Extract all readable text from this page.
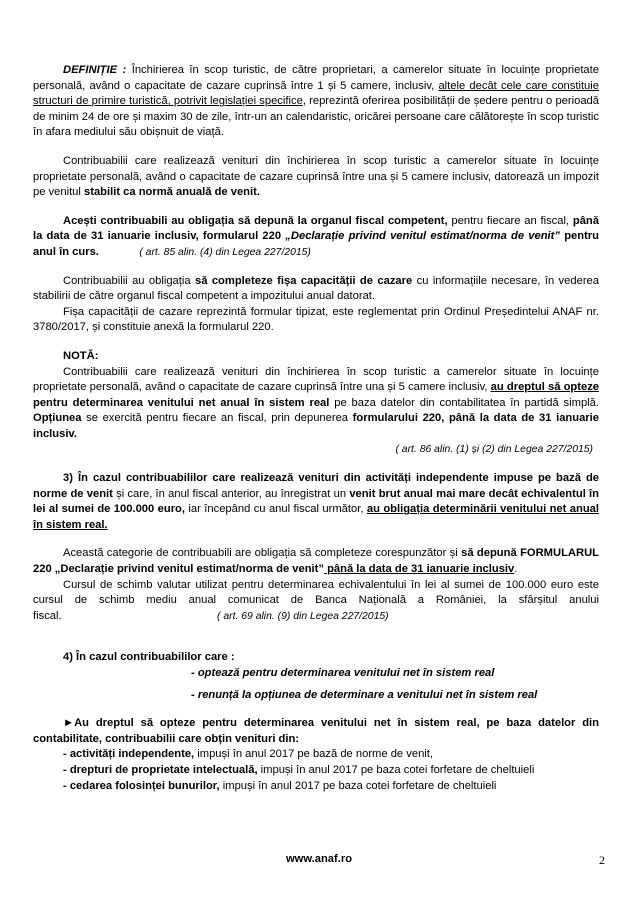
DEFINIȚIE : Închirierea în scop turistic, de către proprietari, a camerelor situate în locuințe proprietate personală, având o capacitate de cazare cuprinsă între 1 și 5 camere, inclusiv, altele decât cele care constituie structuri de primire turistică, potrivit legislației specifice, reprezintă oferirea posibilității de ședere pentru o perioadă de minim 24 de ore și maxim 30 de zile, într-un an calendaristic, oricărei persoane care călătorește în scop turistic în afara mediului său obișnuit de viață.

Contribuabilii care realizează venituri din închirierea în scop turistic a camerelor situate în locuințe proprietate personală, având o capacitate de cazare cuprinsă între una și 5 camere inclusiv, datorează un impozit pe venitul stabilit ca normă anuală de venit.

Acești contribuabili au obligația să depună la organul fiscal competent, pentru fiecare an fiscal, până la data de 31 ianuarie inclusiv, formularul 220 „Declarație privind venitul estimat/norma de venit” pentru anul în curs.	( art. 85 alin. (4) din Legea 227/2015)

Contribuabilii au obligația să completeze fișa capacității de cazare cu informațiile necesare, în vederea stabilirii de către organul fiscal competent a impozitului anual datorat.

Fișa capacității de cazare reprezintă formular tipizat, este reglementat prin Ordinul Președintelui ANAF nr. 3780/2017, și constituie anexă la formularul 220.

NOTĂ:

Contribuabilii care realizează venituri din închirierea în scop turistic a camerelor situate în locuințe proprietate personală, având o capacitate de cazare cuprinsă între una și 5 camere inclusiv, au dreptul să opteze pentru determinarea venitului net anual în sistem real pe baza datelor din contabilitatea în partidă simplă. Opțiunea se exercită pentru fiecare an fiscal, prin depunerea formularului 220, până la data de 31 ianuarie inclusiv.

( art. 86 alin. (1) și (2) din Legea 227/2015)

3) În cazul contribuabililor care realizează venituri din activități independente impuse pe bază de norme de venit și care, în anul fiscal anterior, au înregistrat un venit brut anual mai mare decât echivalentul în lei al sumei de 100.000 euro, iar începând cu anul fiscal următor, au obligația determinării venitului net anual în sistem real.

Această categorie de contribuabili are obligația să completeze corespunzător și să depună FORMULARUL 220 „Declarație privind venitul estimat/norma de venit” până la data de 31 ianuarie inclusiv.

Cursul de schimb valutar utilizat pentru determinarea echivalentului în lei al sumei de 100.000 euro este cursul de schimb mediu anual comunicat de Banca Națională a României, la sfârșitul anului fiscal.	( art. 69 alin. (9) din Legea 227/2015)

4) În cazul contribuabililor care :

- optează pentru determinarea venitului net în sistem real

- renunță la opțiunea de determinare a venitului net în sistem real

►Au dreptul să opteze pentru determinarea venitului net în sistem real, pe baza datelor din contabilitate, contribuabilii care obțin venituri din:

- activități independente, impuși în anul 2017 pe bază de norme de venit,

- drepturi de proprietate intelectuală, impuși în anul 2017 pe baza cotei forfetare de cheltuieli

- cedarea folosinței bunurilor, impuși în anul 2017 pe baza cotei forfetare de cheltuieli

www.anaf.ro	2
